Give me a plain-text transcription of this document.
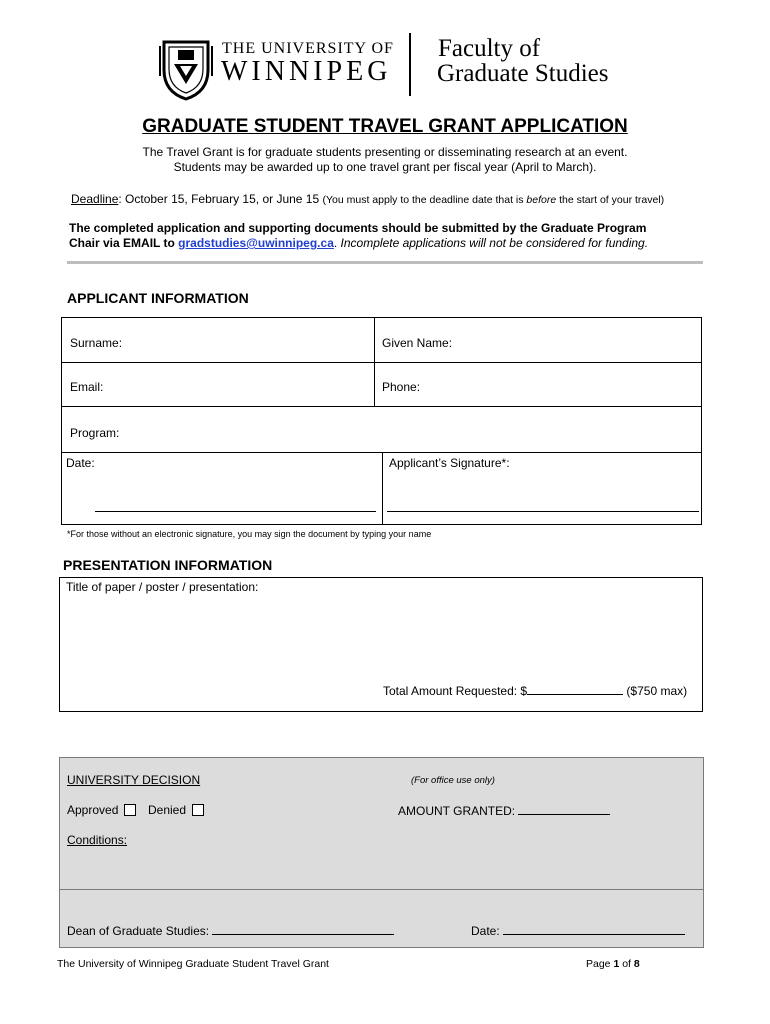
THE UNIVERSITY OF
WINNIPEG
Faculty of
Graduate Studies
GRADUATE STUDENT TRAVEL GRANT APPLICATION
The Travel Grant is for graduate students presenting or disseminating research at an event.
Students may be awarded up to one travel grant per fiscal year (April to March).
Deadline: October 15, February 15, or June 15 (You must apply to the deadline date that is before the start of your travel)
The completed application and supporting documents should be submitted by the Graduate Program
Chair via EMAIL to gradstudies@uwinnipeg.ca. Incomplete applications will not be considered for funding.
APPLICANT INFORMATION
Surname:	Given Name:
Email:	Phone:
Program:
Date:	Applicant’s Signature*:
*For those without an electronic signature, you may sign the document by typing your name
PRESENTATION INFORMATION
Title of paper / poster / presentation:
Total Amount Requested: $	($750 max)
UNIVERSITY DECISION	(For office use only)
Approved Denied	AMOUNT GRANTED:
Conditions:
Dean of Graduate Studies:	Date:
The University of Winnipeg Graduate Student Travel Grant	Page 1 of 8
